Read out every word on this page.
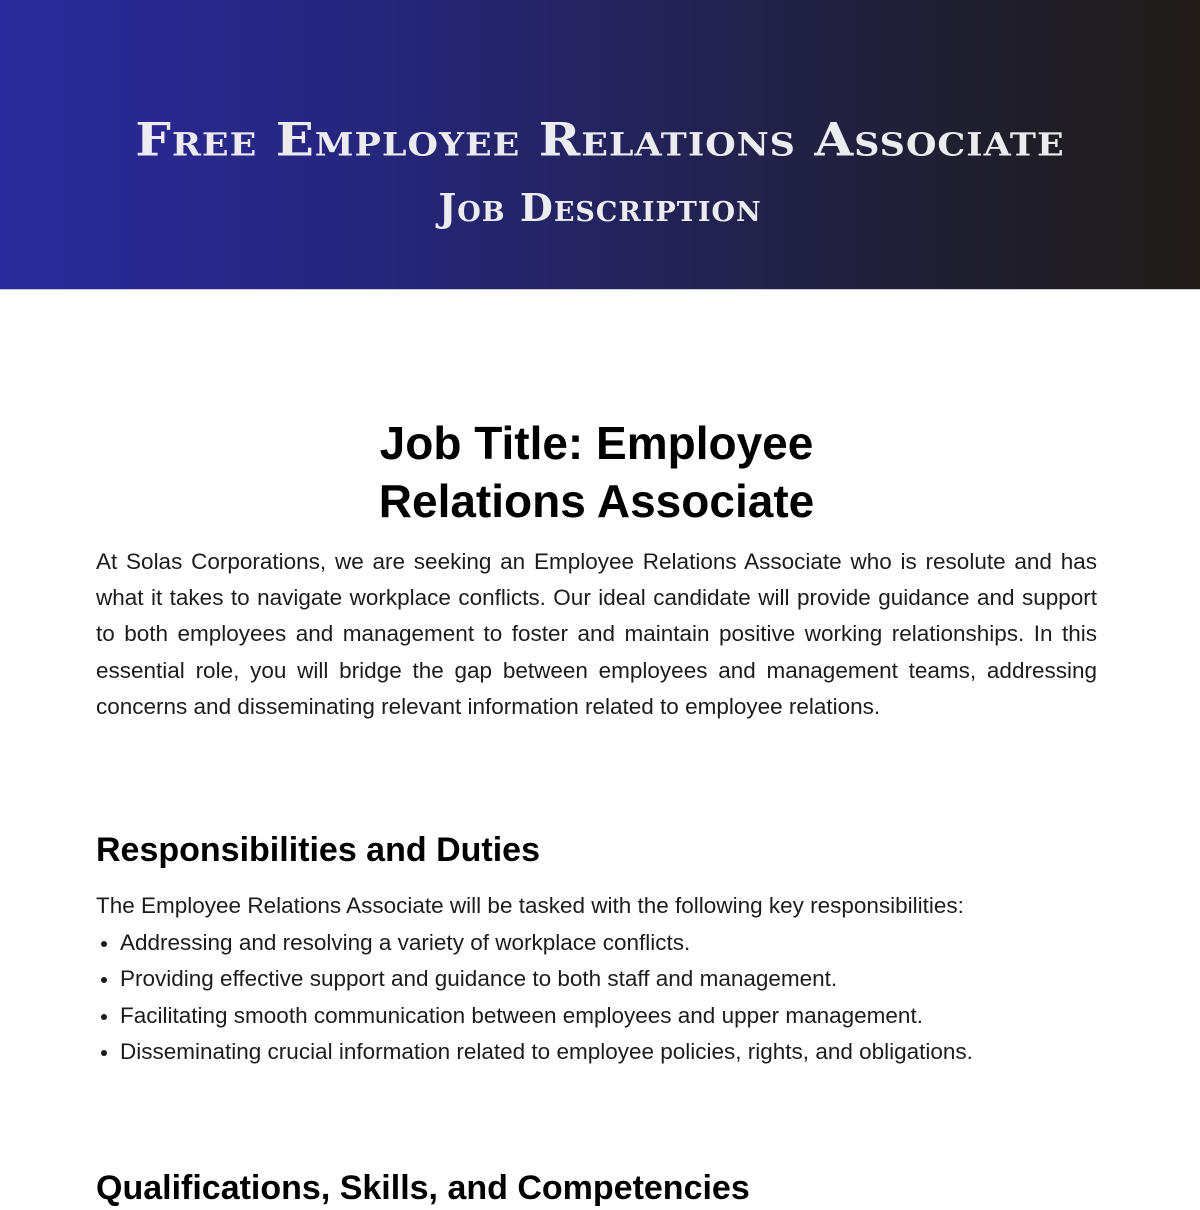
Free Employee Relations Associate
Job Description
Job Title: Employee
Relations Associate

At Solas Corporations, we are seeking an Employee Relations Associate who is resolute and has what it takes to navigate workplace conflicts. Our ideal candidate will provide guidance and support to both employees and management to foster and maintain positive working relationships. In this essential role, you will bridge the gap between employees and management teams, addressing concerns and disseminating relevant information related to employee relations.

Responsibilities and Duties

The Employee Relations Associate will be tasked with the following key responsibilities:

Addressing and resolving a variety of workplace conflicts.
Providing effective support and guidance to both staff and management.
Facilitating smooth communication between employees and upper management.
Disseminating crucial information related to employee policies, rights, and obligations.
Qualifications, Skills, and Competencies
